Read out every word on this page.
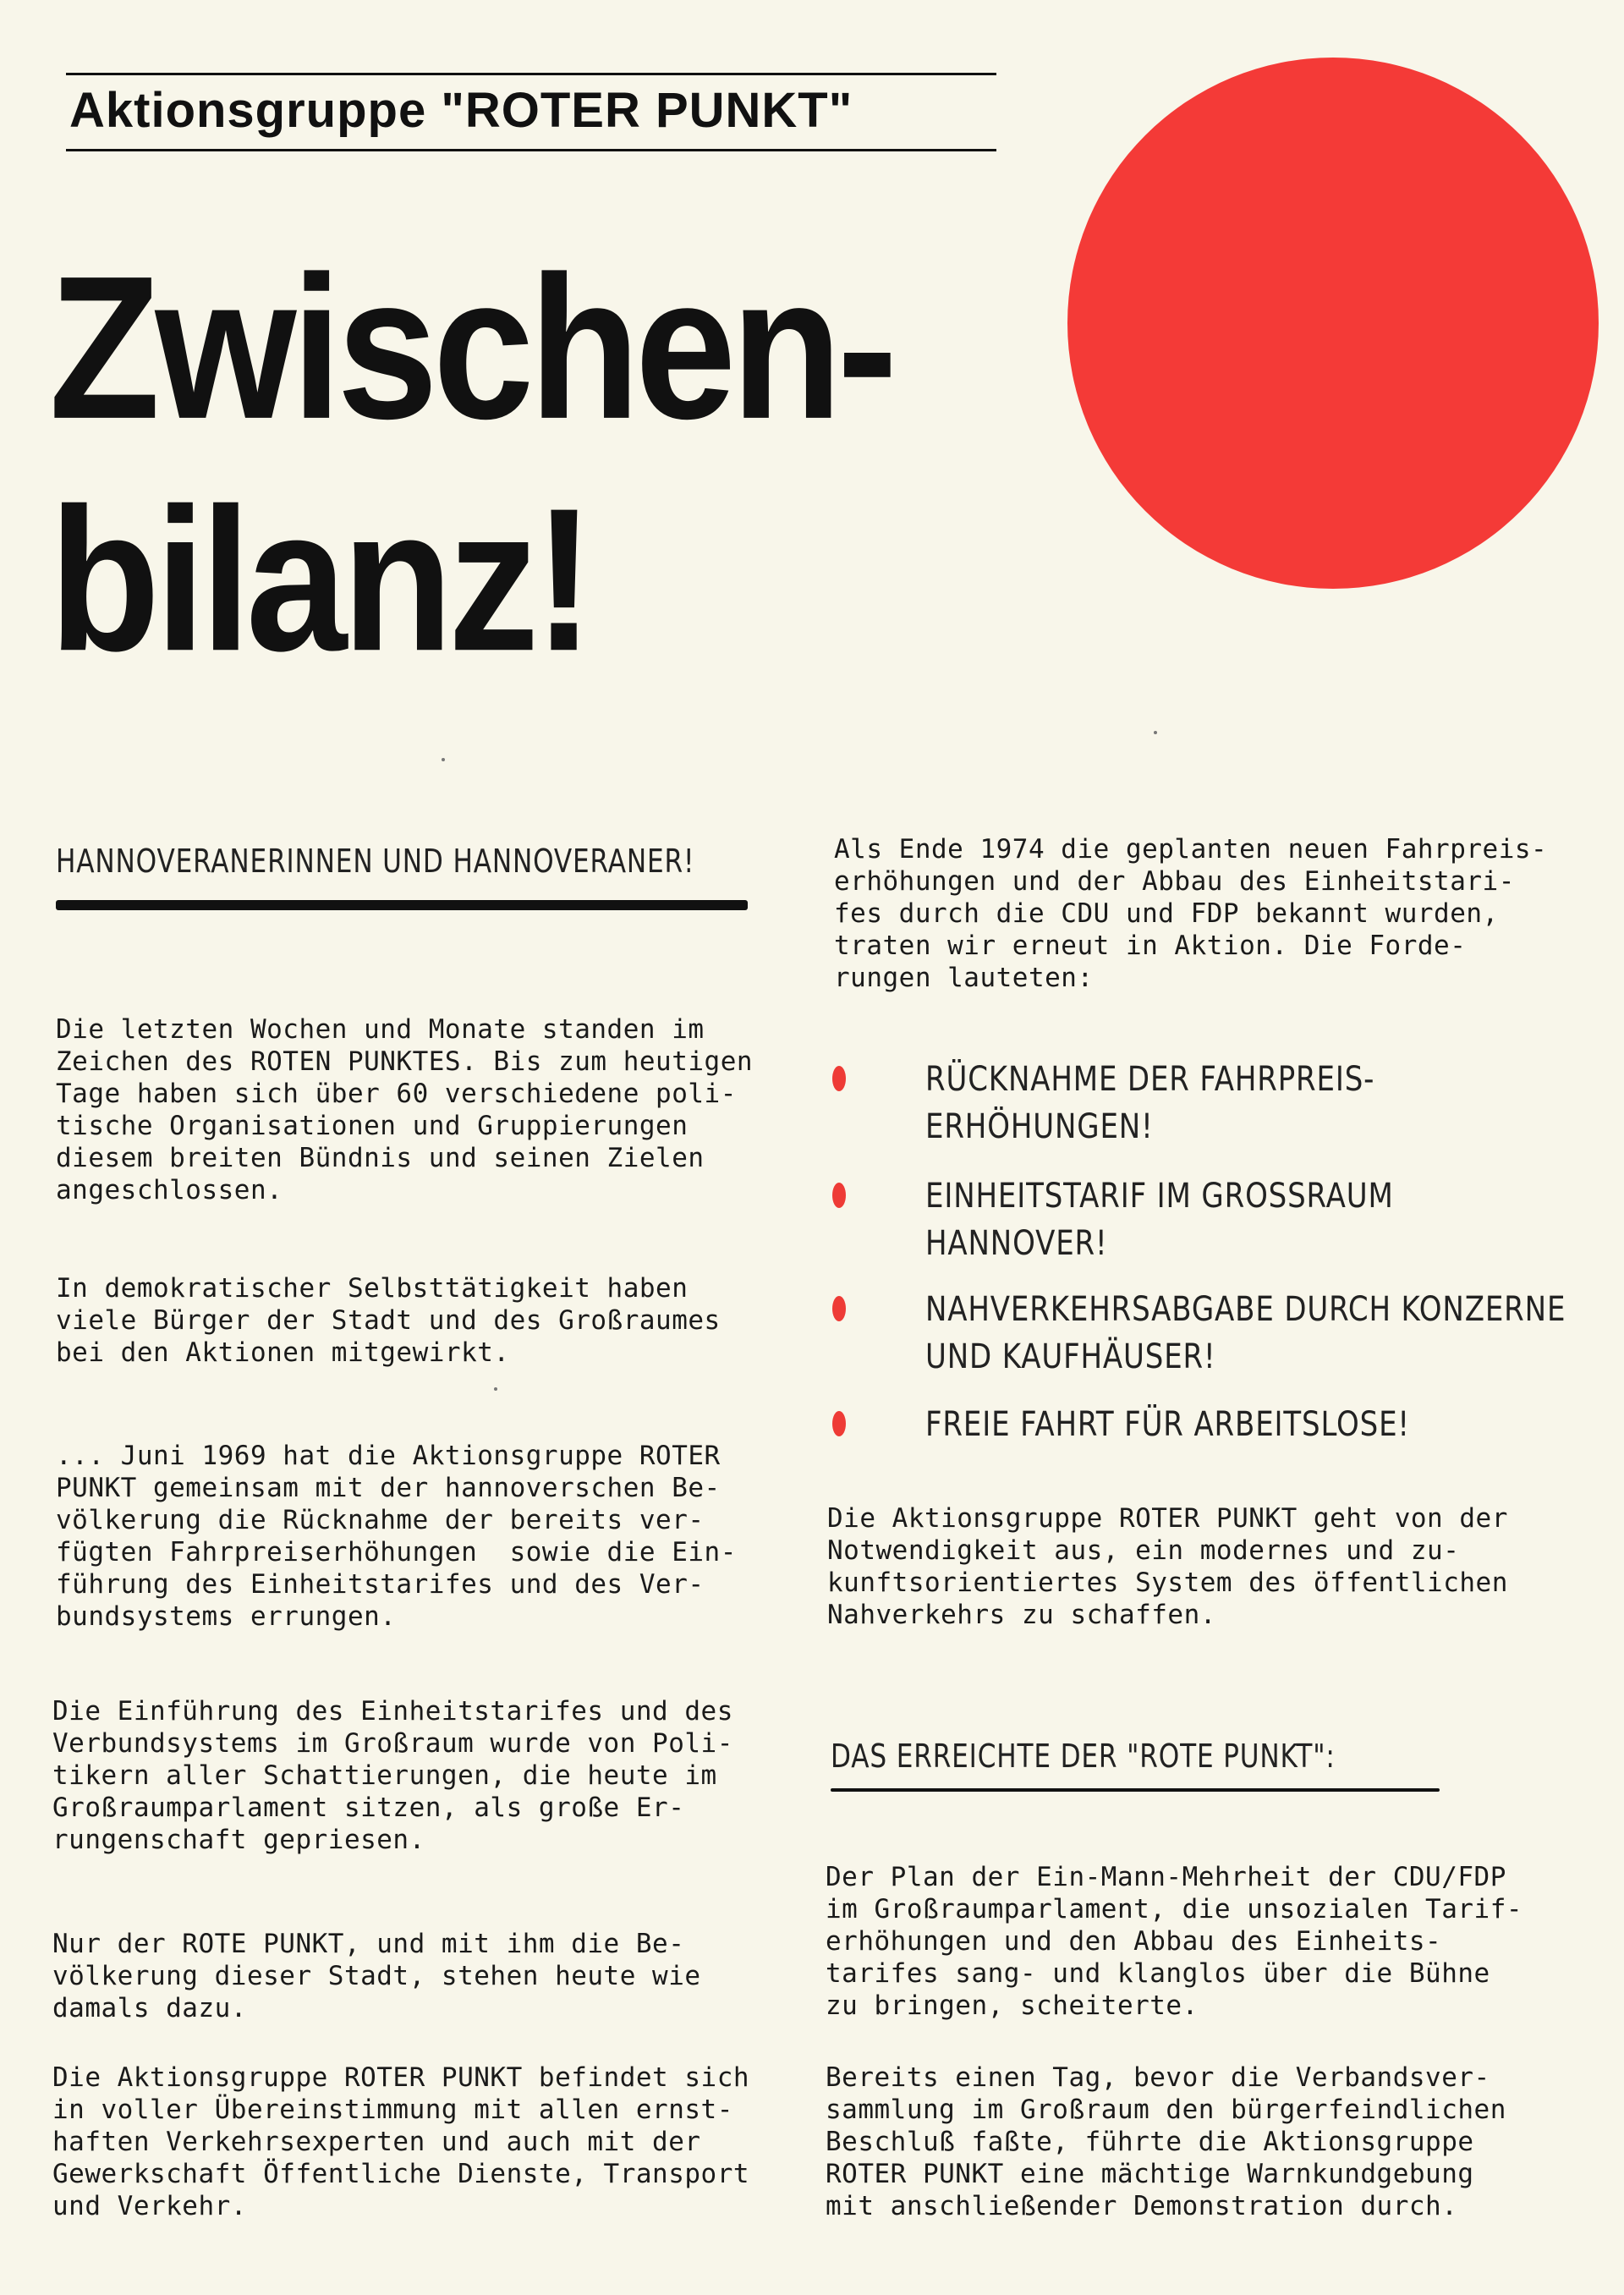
Aktionsgruppe "ROTER PUNKT"
Zwischen-
bilanz!
HANNOVERANERINNEN UND HANNOVERANER!
Die letzten Wochen und Monate standen im
Zeichen des ROTEN PUNKTES. Bis zum heutigen
Tage haben sich über 60 verschiedene poli-
tische Organisationen und Gruppierungen
diesem breiten Bündnis und seinen Zielen
angeschlossen.
In demokratischer Selbsttätigkeit haben
viele Bürger der Stadt und des Großraumes
bei den Aktionen mitgewirkt.
... Juni 1969 hat die Aktionsgruppe ROTER
PUNKT gemeinsam mit der hannoverschen Be-
völkerung die Rücknahme der bereits ver-
fügten Fahrpreiserhöhungen  sowie die Ein-
führung des Einheitstarifes und des Ver-
bundsystems errungen.
Die Einführung des Einheitstarifes und des
Verbundsystems im Großraum wurde von Poli-
tikern aller Schattierungen, die heute im
Großraumparlament sitzen, als große Er-
rungenschaft gepriesen.
Nur der ROTE PUNKT, und mit ihm die Be-
völkerung dieser Stadt, stehen heute wie
damals dazu.
Die Aktionsgruppe ROTER PUNKT befindet sich
in voller Übereinstimmung mit allen ernst-
haften Verkehrsexperten und auch mit der
Gewerkschaft Öffentliche Dienste, Transport
und Verkehr.
Als Ende 1974 die geplanten neuen Fahrpreis-
erhöhungen und der Abbau des Einheitstari-
fes durch die CDU und FDP bekannt wurden,
traten wir erneut in Aktion. Die Forde-
rungen lauteten:
RÜCKNAHME DER FAHRPREIS-
ERHÖHUNGEN!
EINHEITSTARIF IM GROSSRAUM
HANNOVER!
NAHVERKEHRSABGABE DURCH KONZERNE
UND KAUFHÄUSER!
FREIE FAHRT FÜR ARBEITSLOSE!
Die Aktionsgruppe ROTER PUNKT geht von der
Notwendigkeit aus, ein modernes und zu-
kunftsorientiertes System des öffentlichen
Nahverkehrs zu schaffen.
DAS ERREICHTE DER "ROTE PUNKT":
Der Plan der Ein-Mann-Mehrheit der CDU/FDP
im Großraumparlament, die unsozialen Tarif-
erhöhungen und den Abbau des Einheits-
tarifes sang- und klanglos über die Bühne
zu bringen, scheiterte.
Bereits einen Tag, bevor die Verbandsver-
sammlung im Großraum den bürgerfeindlichen
Beschluß faßte, führte die Aktionsgruppe
ROTER PUNKT eine mächtige Warnkundgebung
mit anschließender Demonstration durch.
